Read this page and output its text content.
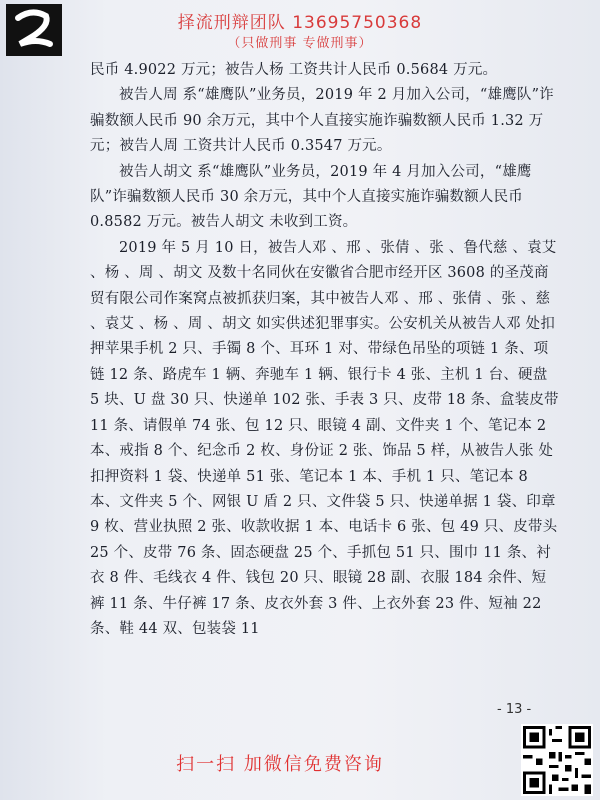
择流刑辩团队 13695750368
（只做刑事 专做刑事）

民币 4.9022 万元；被告人杨 工资共计人民币 0.5684 万元。

被告人周 系“雄鹰队”业务员，2019 年 2 月加入公司，“雄鹰队”诈骗数额人民币 90 余万元，其中个人直接实施诈骗数额人民币 1.32 万元；被告人周 工资共计人民币 0.3547 万元。

被告人胡文 系“雄鹰队”业务员，2019 年 4 月加入公司，“雄鹰队”诈骗数额人民币 30 余万元，其中个人直接实施诈骗数额人民币 0.8582 万元。被告人胡文 未收到工资。

2019 年 5 月 10 日，被告人邓 、邢 、张倩 、张 、鲁代慈 、袁艾 、杨 、周 、胡文 及数十名同伙在安徽省合肥市经开区 3608 的圣茂商贸有限公司作案窝点被抓获归案，其中被告人邓 、邢 、张倩 、张 、慈 、袁艾 、杨 、周 、胡文 如实供述犯罪事实。公安机关从被告人邓 处扣押苹果手机 2 只、手镯 8 个、耳环 1 对、带绿色吊坠的项链 1 条、项链 12 条、路虎车 1 辆、奔驰车 1 辆、银行卡 4 张、主机 1 台、硬盘 5 块、U 盘 30 只、快递单 102 张、手表 3 只、皮带 18 条、盒装皮带 11 条、请假单 74 张、包 12 只、眼镜 4 副、文件夹 1 个、笔记本 2 本、戒指 8 个、纪念币 2 枚、身份证 2 张、饰品 5 样，从被告人张 处扣押资料 1 袋、快递单 51 张、笔记本 1 本、手机 1 只、笔记本 8 本、文件夹 5 个、网银 U 盾 2 只、文件袋 5 只、快递单据 1 袋、印章 9 枚、营业执照 2 张、收款收据 1 本、电话卡 6 张、包 49 只、皮带头 25 个、皮带 76 条、固态硬盘 25 个、手抓包 51 只、围巾 11 条、衬衣 8 件、毛线衣 4 件、钱包 20 只、眼镜 28 副、衣服 184 余件、短裤 11 条、牛仔裤 17 条、皮衣外套 3 件、上衣外套 23 件、短袖 22 条、鞋 44 双、包装袋 11

- 13 -
扫一扫 加微信免费咨询
